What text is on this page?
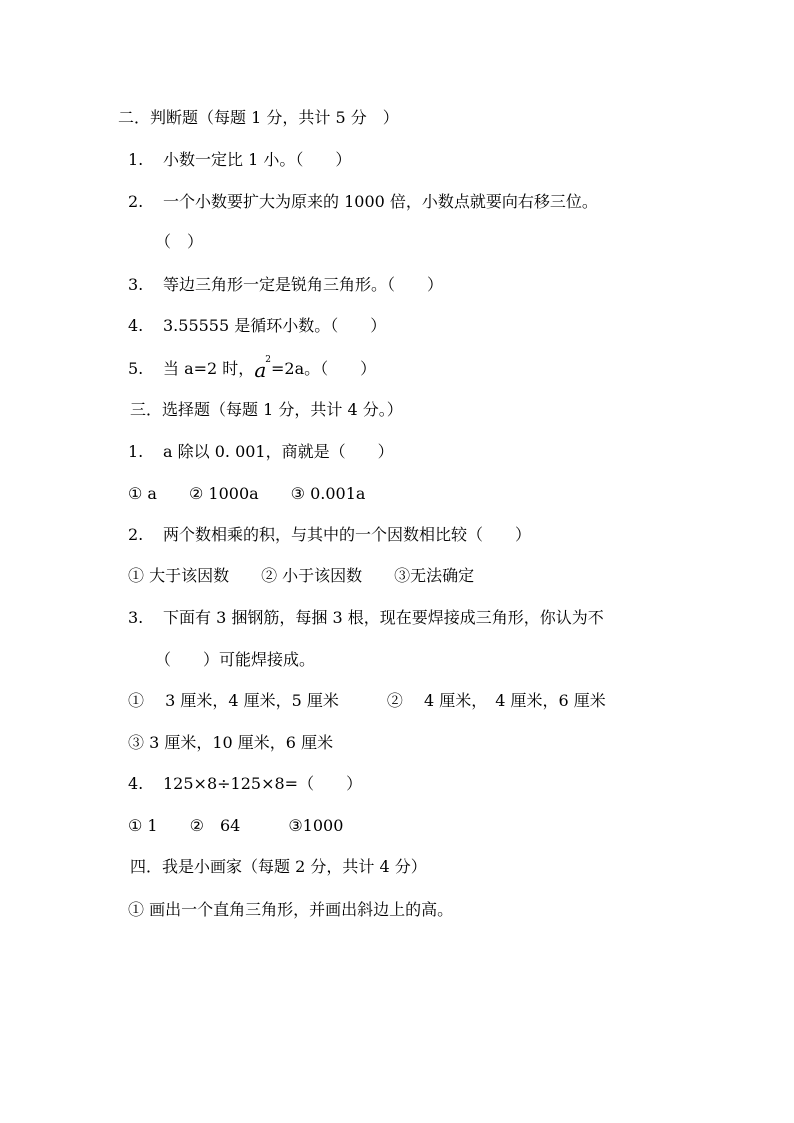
二．判断题（每题 1 分，共计 5 分　）
1. 小数一定比 1 小。（　　）
2. 一个小数要扩大为原来的 1000 倍，小数点就要向右移三位。
（　）
3. 等边三角形一定是锐角三角形。（　　）
4. 3.55555 是循环小数。（　　）
5. 当 a=2 时，$a^2=2a$。（　　）
三．选择题（每题 1 分，共计 4 分。）
1. a 除以 0. 001，商就是（　　）
① a　　② 1000a　　③ 0.001a
2. 两个数相乘的积，与其中的一个因数相比较（　　）
① 大于该因数　　② 小于该因数　　③无法确定
3. 下面有 3 捆钢筋，每捆 3 根，现在要焊接成三角形，你认为不
（　　）可能焊接成。
①　 3 厘米，4 厘米，5 厘米　　　②　 4 厘米，　4 厘米，6 厘米
③ 3 厘米，10 厘米，6 厘米
4. 125×8÷125×8=（　　）
① 1　　②　64　　　③1000
四．我是小画家（每题 2 分，共计 4 分）
① 画出一个直角三角形，并画出斜边上的高。
